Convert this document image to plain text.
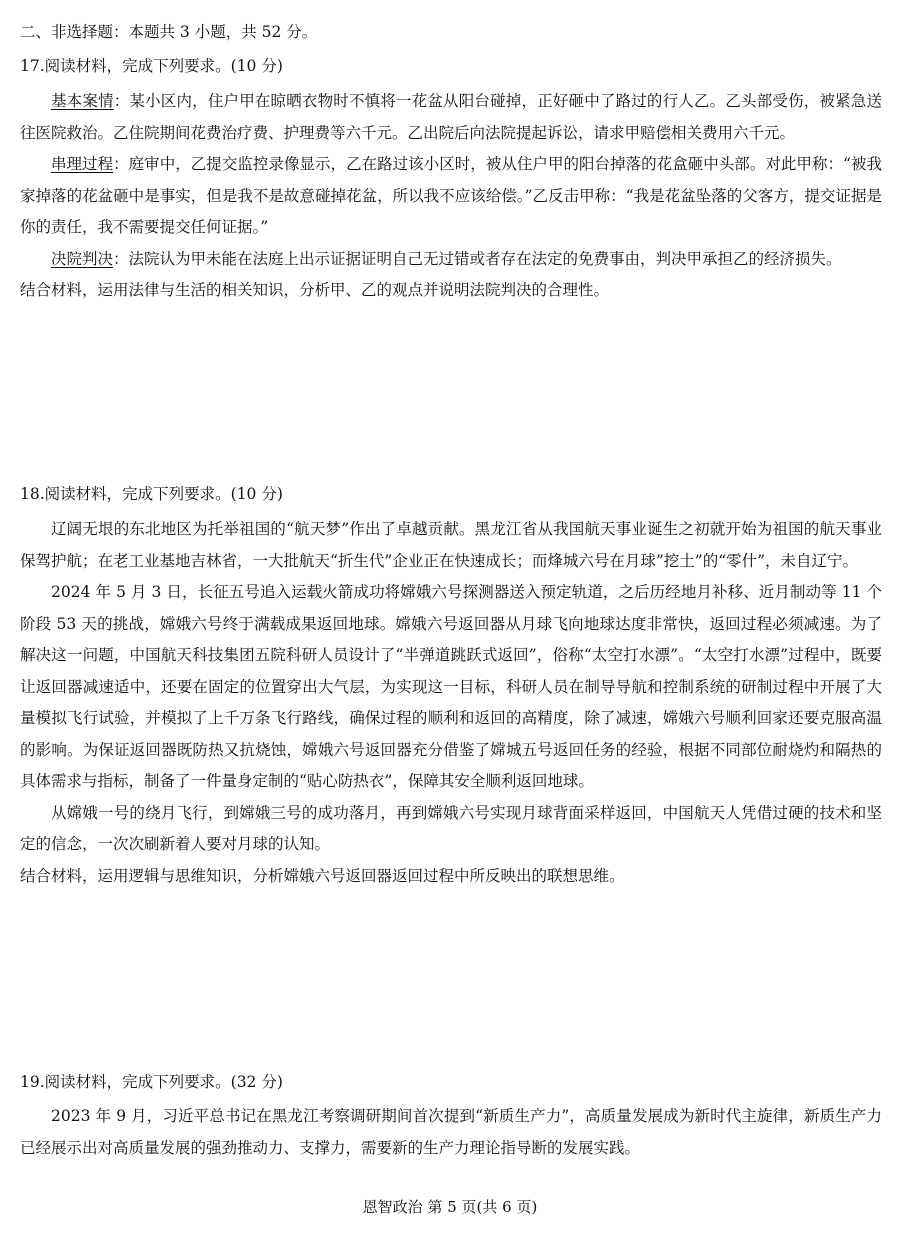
二、非选择题：本题共 3 小题，共 52 分。
17.阅读材料，完成下列要求。(10 分)

基本案情：某小区内，住户甲在晾晒衣物时不慎将一花盆从阳台碰掉，正好砸中了路过的行人乙。乙头部受伤，被紧急送往医院救治。乙住院期间花费治疗费、护理费等六千元。乙出院后向法院提起诉讼，请求甲赔偿相关费用六千元。

串理过程：庭审中，乙提交监控录像显示，乙在路过该小区时，被从住户甲的阳台掉落的花盒砸中头部。对此甲称：“被我家掉落的花盆砸中是事实，但是我不是故意碰掉花盆，所以我不应该给偿。”乙反击甲称：“我是花盆坠落的父客方，提交证据是你的责任，我不需要提交任何证据。”

决院判决：法院认为甲未能在法庭上出示证据证明自己无过错或者存在法定的免费事由，判决甲承担乙的经济损失。

结合材料，运用法律与生活的相关知识，分析甲、乙的观点并说明法院判决的合理性。

18.阅读材料，完成下列要求。(10 分)

辽阔无垠的东北地区为托举祖国的“航天梦”作出了卓越贡献。黑龙江省从我国航天事业诞生之初就开始为祖国的航天事业保驾护航；在老工业基地吉林省，一大批航天“折生代”企业正在快速成长；而烽城六号在月球”挖土”的“零什”，未自辽宁。

2024 年 5 月 3 日，长征五号追入运载火箭成功将嫦娥六号探测器送入预定轨道，之后历经地月补移、近月制动等 11 个阶段 53 天的挑战，嫦娥六号终于满载成果返回地球。嫦娥六号返回器从月球飞向地球达度非常快，返回过程必须减速。为了解决这一问题，中国航天科技集团五院科研人员设计了“半弹道跳跃式返回”，俗称“太空打水漂”。“太空打水漂”过程中，既要让返回器减速适中，还要在固定的位置穿出大气层，为实现这一目标，科研人员在制导导航和控制系统的研制过程中开展了大量模拟飞行试验，并模拟了上千万条飞行路线，确保过程的顺利和返回的高精度，除了减速，嫦娥六号顺利回家还要克服高温的影响。为保证返回器既防热又抗烧蚀，嫦娥六号返回器充分借鉴了嫦城五号返回任务的经验，根据不同部位耐烧灼和隔热的具体需求与指标，制备了一件量身定制的“贴心防热衣”，保障其安全顺利返回地球。

从嫦娥一号的绕月飞行，到嫦娥三号的成功落月，再到嫦娥六号实现月球背面采样返回，中国航天人凭借过硬的技术和坚定的信念，一次次刷新着人要对月球的认知。

结合材料，运用逻辑与思维知识，分析嫦娥六号返回器返回过程中所反映出的联想思维。

19.阅读材料，完成下列要求。(32 分)

2023 年 9 月，习近平总书记在黑龙江考察调研期间首次提到“新质生产力”，高质量发展成为新时代主旋律，新质生产力已经展示出对高质量发展的强劲推动力、支撑力，需要新的生产力理论指导断的发展实践。

恩智政治 第 5 页(共 6 页)
